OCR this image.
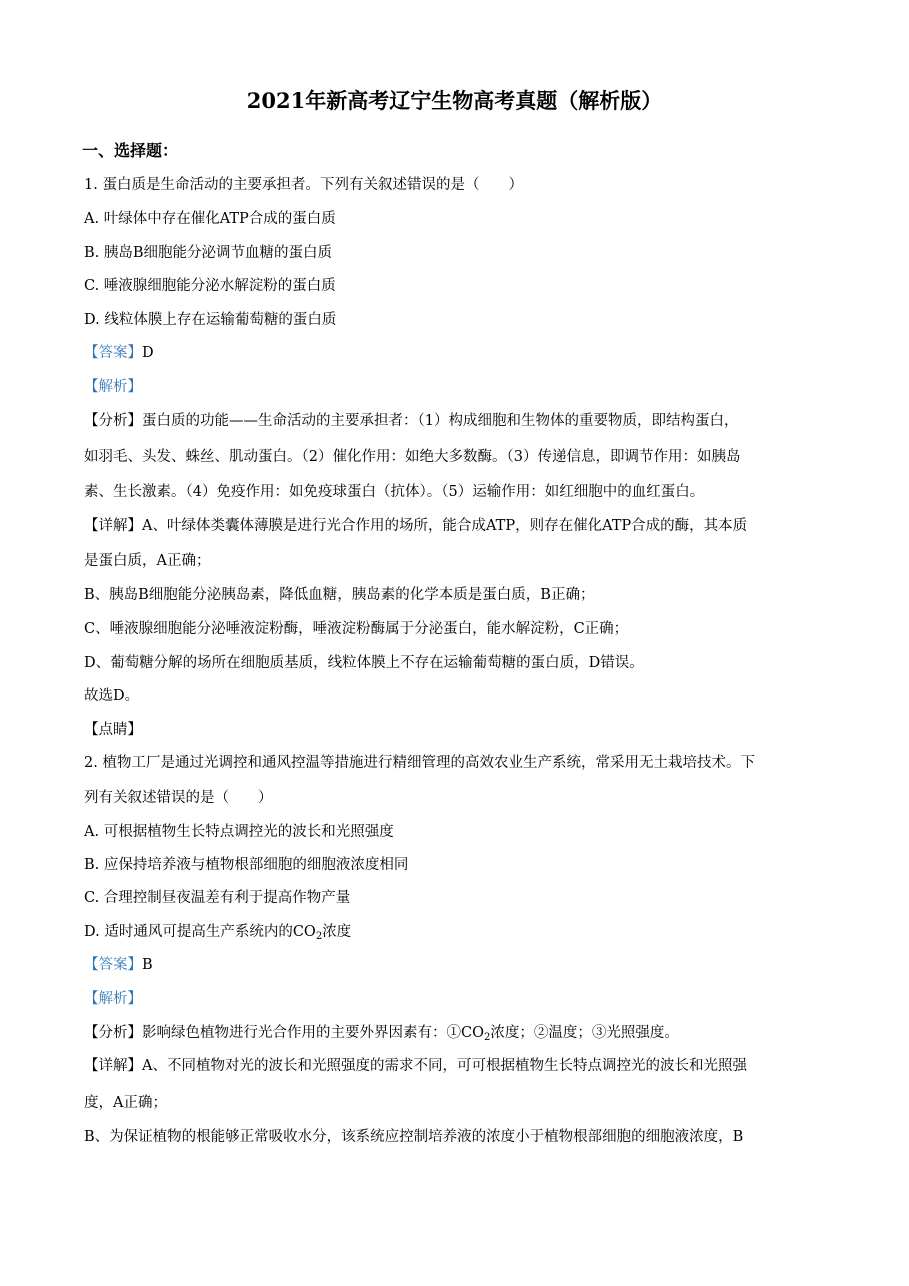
2021年新高考辽宁生物高考真题（解析版）
一、选择题：
1. 蛋白质是生命活动的主要承担者。下列有关叙述错误的是（　　）
A. 叶绿体中存在催化ATP合成的蛋白质
B. 胰岛B细胞能分泌调节血糖的蛋白质
C. 唾液腺细胞能分泌水解淀粉的蛋白质
D. 线粒体膜上存在运输葡萄糖的蛋白质
【答案】D
【解析】
【分析】蛋白质的功能——生命活动的主要承担者：（1）构成细胞和生物体的重要物质，即结构蛋白，
如羽毛、头发、蛛丝、肌动蛋白。（2）催化作用：如绝大多数酶。（3）传递信息，即调节作用：如胰岛
素、生长激素。（4）免疫作用：如免疫球蛋白（抗体）。（5）运输作用：如红细胞中的血红蛋白。
【详解】A、叶绿体类囊体薄膜是进行光合作用的场所，能合成ATP，则存在催化ATP合成的酶，其本质
是蛋白质，A正确；
B、胰岛B细胞能分泌胰岛素，降低血糖，胰岛素的化学本质是蛋白质，B正确；
C、唾液腺细胞能分泌唾液淀粉酶，唾液淀粉酶属于分泌蛋白，能水解淀粉，C正确；
D、葡萄糖分解的场所在细胞质基质，线粒体膜上不存在运输葡萄糖的蛋白质，D错误。
故选D。
【点睛】
2. 植物工厂是通过光调控和通风控温等措施进行精细管理的高效农业生产系统，常采用无土栽培技术。下
列有关叙述错误的是（　　）
A. 可根据植物生长特点调控光的波长和光照强度
B. 应保持培养液与植物根部细胞的细胞液浓度相同
C. 合理控制昼夜温差有利于提高作物产量
D. 适时通风可提高生产系统内的$CO_2$浓度
【答案】B
【解析】
【分析】影响绿色植物进行光合作用的主要外界因素有：$①CO_2$浓度；②温度；③光照强度。
【详解】A、不同植物对光的波长和光照强度的需求不同，可可根据植物生长特点调控光的波长和光照强
度，A正确；
B、为保证植物的根能够正常吸收水分，该系统应控制培养液的浓度小于植物根部细胞的细胞液浓度，B
